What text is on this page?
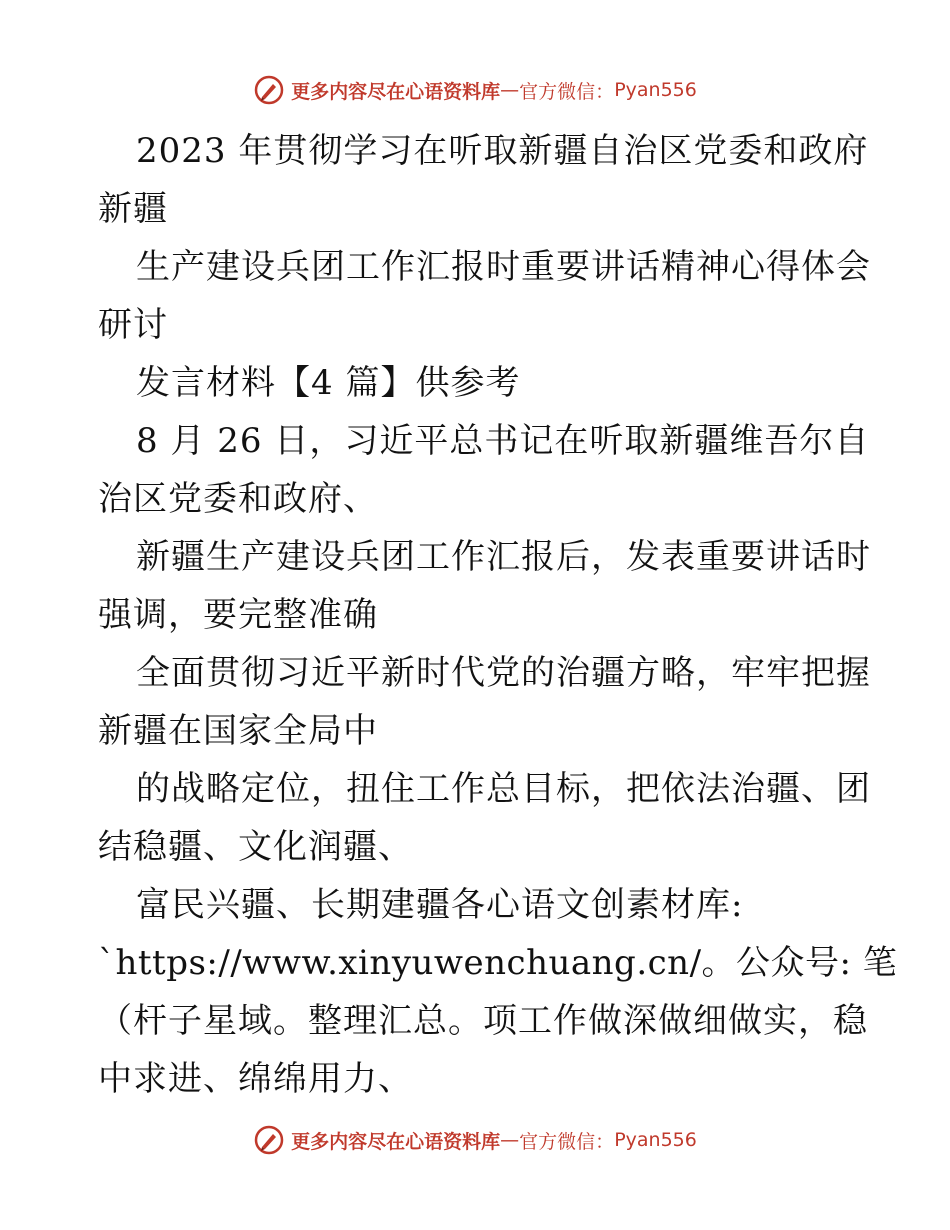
更多内容尽在心语资料库 — 官方微信： Pyan556
2023 年贯彻学习在听取新疆自治区党委和政府
新疆
生产建设兵团工作汇报时重要讲话精神心得体会
研讨
发言材料【4 篇】供参考
8 月 26 日，习近平总书记在听取新疆维吾尔自
治区党委和政府、
新疆生产建设兵团工作汇报后，发表重要讲话时
强调，要完整准确
全面贯彻习近平新时代党的治疆方略，牢牢把握
新疆在国家全局中
的战略定位，扭住工作总目标，把依法治疆、团
结稳疆、文化润疆、
富民兴疆、长期建疆各心语文创素材库:
`https://www.xinyuwenchuang.cn/。公众号: 笔
（杆子星域。整理汇总。项工作做深做细做实，稳
中求进、绵绵用力、
更多内容尽在心语资料库 — 官方微信： Pyan556
